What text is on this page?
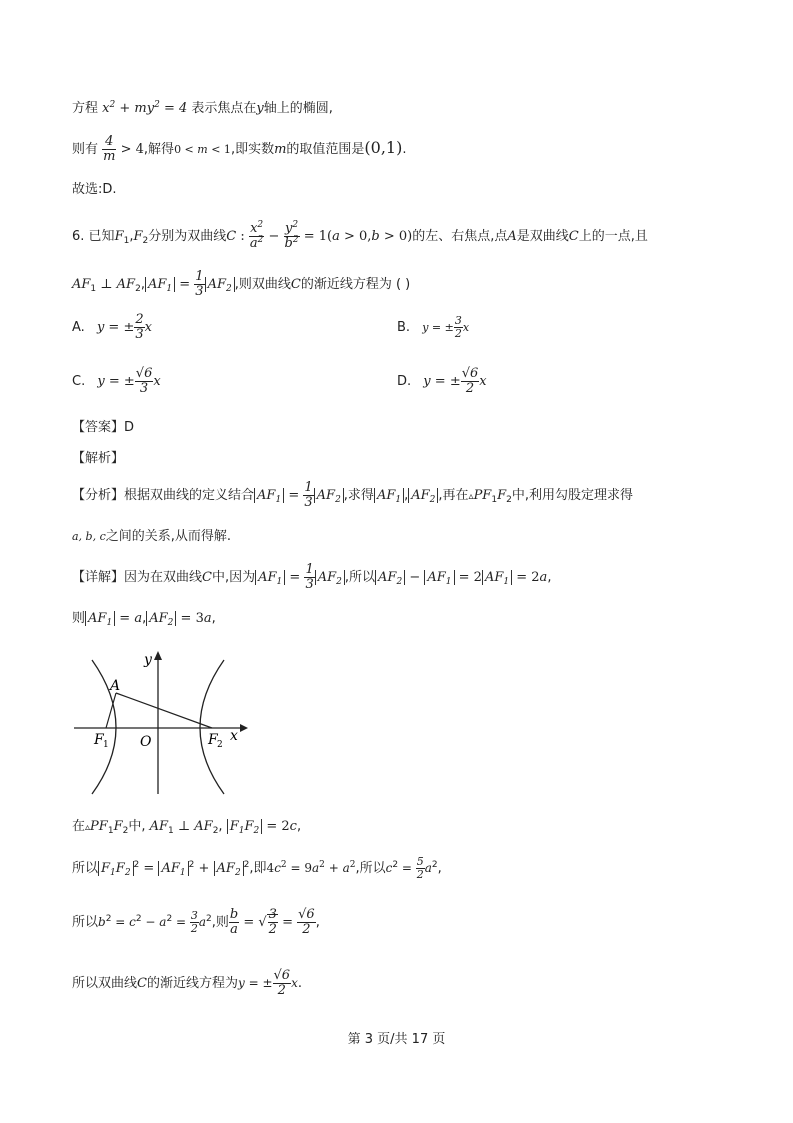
方程 $x^2 + my^2 = 4$ 表示焦点在y轴上的椭圆,
则有 $\frac{4}{m} > 4$,解得0 < m < 1,即实数m的取值范围是(0,1).
故选:D.
6. 已知$F_1,F_2$分别为双曲线C : $\frac{x^2}{a^2} - \frac{y^2}{b^2} = 1(a > 0,b > 0)$的左、右焦点,点A是双曲线C上的一点,且
$AF_1$ ⊥ $AF_2$, $AF_1 = \frac{1}{3} AF_2$ ,则双曲线C的渐近线方程为 ( )
A. y = ± $\frac{2}{3}$ x	B. y = ± $\frac{3}{2}$ x
C. y = ± $\frac{√6}{3}$ x	D. y = ± $\frac{√6}{2}$ x
【答案】D
【解析】
【分析】根据双曲线的定义结合 $AF_1 = \frac{1}{3} AF_2$ ,求得 $AF_1$ , $AF_2$ ,再在$▵PF_1F_2$中,利用勾股定理求得
a, b, c之间的关系,从而得解.
【详解】因为在双曲线C中,因为 $AF_1 = \frac{1}{3} AF_2$ ,所以 $AF_2 - AF_1 = 2$ $AF_1 = 2a$,
则 $AF_1 = a$, $AF_2 = 3a$,
y
x
A
O
F 1	F 2
在$▵PF_1F_2$中, $AF_1$ ⊥ $AF_2$, $F_1F_2 = 2c$,
所以 $F_1F_2^2 = AF_1^2 + AF_2^2$,即$4c^2 = 9a^2 + a^2$,所以$c^2 = \frac{5}{2} a^2$,
所以$b^2 = c^2 - a^2 = \frac{3}{2} a^2$,则 $\frac{b}{a}$ = √ $\frac{3}{2} = \frac{√6}{2}$ ,
所以双曲线C的渐近线方程为y = ± $\frac{√6}{2} x$.
第 3 页/共 17 页
